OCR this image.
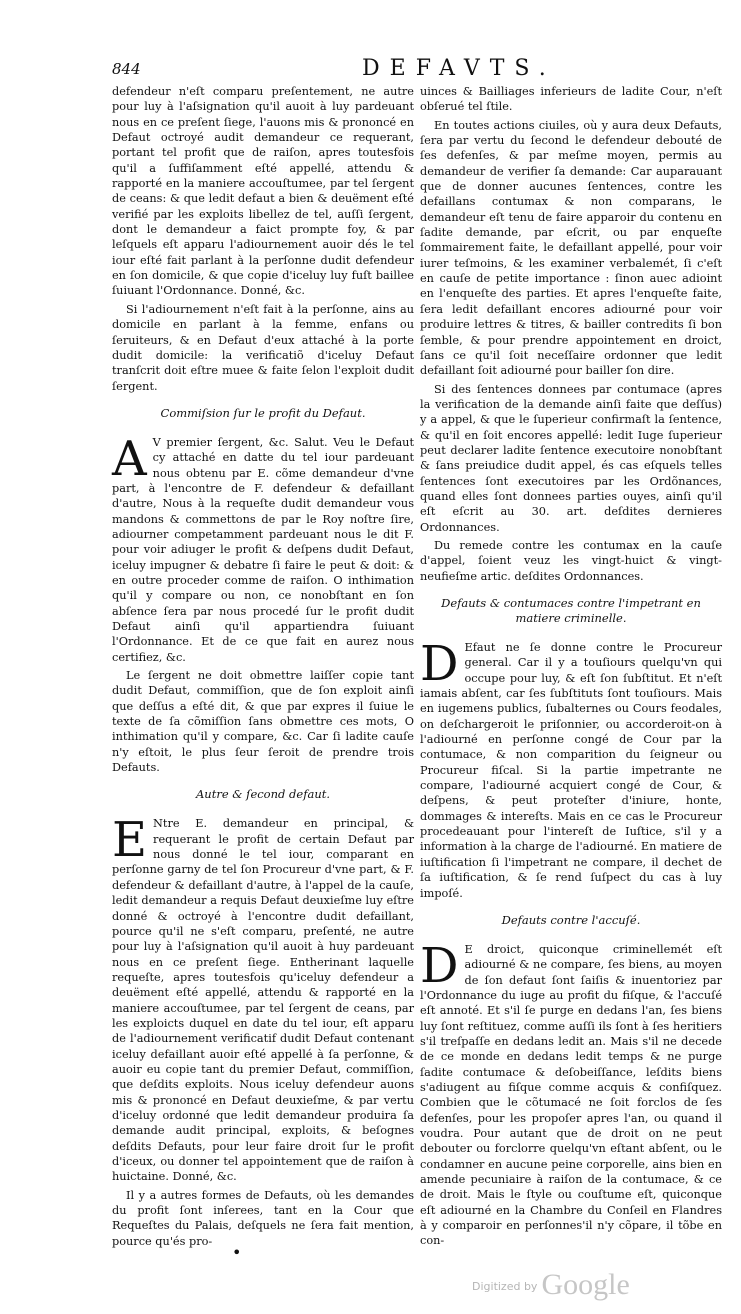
844	DEFAVTS.

defendeur n'eſt comparu preſentement, ne autre pour luy à l'aſsignation qu'il auoit à luy pardeuant nous en ce preſent ſiege, l'auons mis & prononcé en Defaut octroyé audit demandeur ce requerant, portant tel profit que de raiſon, apres toutesfois qu'il a ſuffiſamment eſté appellé, attendu & rapporté en la maniere accouſtumee, par tel ſergent de ceans: & que ledit defaut a bien & deuëment eſté verifié par les exploits libellez de tel, auſſi ſergent, dont le demandeur a faict prompte foy, & par leſquels eſt apparu l'adiournement auoir dés le tel iour eſté fait parlant à la perſonne dudit defendeur en ſon domicile, & que copie d'iceluy luy fuſt baillee ſuiuant l'Ordonnance. Donné, &c.

Si l'adiournement n'eſt fait à la perſonne, ains au domicile en parlant à la femme, enfans ou ſeruiteurs, & en Defaut d'eux attaché à la porte dudit domicile: la verificatiõ d'iceluy Defaut tranſcrit doit eſtre muee & faite ſelon l'exploit dudit ſergent.

Commiſsion ſur le profit du Defaut.

A V premier ſergent, &c. Salut. Veu le Defaut cy attaché en datte du tel iour pardeuant nous obtenu par E. cõme demandeur d'vne part, à l'encontre de F. defendeur & defaillant d'autre, Nous à la requeſte dudit demandeur vous mandons & commettons de par le Roy noſtre ſire, adiourner competamment pardeuant nous le dit F. pour voir adiuger le profit & deſpens dudit Defaut, iceluy impugner & debatre ſi faire le peut & doit: & en outre proceder comme de raiſon. O inthimation qu'il y compare ou non, ce nonobſtant en ſon abſence ſera par nous procedé ſur le profit dudit Defaut ainſi qu'il appartiendra ſuiuant l'Ordonnance. Et de ce que fait en aurez nous certifiez, &c.

Le ſergent ne doit obmettre laiſſer copie tant dudit Defaut, commiſſion, que de ſon exploit ainſi que deſſus a eſté dit, & que par expres il ſuiue le texte de ſa cõmiſſion ſans obmettre ces mots, O inthimation qu'il y compare, &c. Car ſi ladite cauſe n'y eſtoit, le plus ſeur ſeroit de prendre trois Defauts.

Autre & ſecond defaut.

E Ntre E. demandeur en principal, & requerant le profit de certain Defaut par nous donné le tel iour, comparant en perſonne garny de tel ſon Procureur d'vne part, & F. defendeur & defaillant d'autre, à l'appel de la cauſe, ledit demandeur a requis Defaut deuxieſme luy eſtre donné & octroyé à l'encontre dudit defaillant, pource qu'il ne s'eſt comparu, preſenté, ne autre pour luy à l'aſsignation qu'il auoit à huy pardeuant nous en ce preſent ſiege. Entherinant laquelle requeſte, apres toutesfois qu'iceluy defendeur a deuëment eſté appellé, attendu & rapporté en la maniere accouſtumee, par tel ſergent de ceans, par les exploicts duquel en date du tel iour, eſt apparu de l'adiournement verificatif dudit Defaut contenant iceluy defaillant auoir eſté appellé à ſa perſonne, & auoir eu copie tant du premier Defaut, commiſſion, que deſdits exploits. Nous iceluy defendeur auons mis & prononcé en Defaut deuxieſme, & par vertu d'iceluy ordonné que ledit demandeur produira ſa demande audit principal, exploits, & beſognes deſdits Defauts, pour leur faire droit ſur le profit d'iceux, ou donner tel appointement que de raiſon à huictaine. Donné, &c.

Il y a autres formes de Defauts, où les demandes du profit ſont inſerees, tant en la Cour que Requeſtes du Palais, deſquels ne ſera fait mention, pource qu'és pro-

uinces & Bailliages inferieurs de ladite Cour, n'eſt obſerué tel ſtile.

En toutes actions ciuiles, où y aura deux Defauts, ſera par vertu du ſecond le defendeur debouté de ſes defenſes, & par meſme moyen, permis au demandeur de verifier ſa demande: Car auparauant que de donner aucunes ſentences, contre les defaillans contumax & non comparans, le demandeur eſt tenu de faire apparoir du contenu en ſadite demande, par eſcrit, ou par enqueſte ſommairement faite, le defaillant appellé, pour voir iurer teſmoins, & les examiner verbalemét, ſi c'eſt en cauſe de petite importance : ſinon auec adioint en l'enqueſte des parties. Et apres l'enqueſte faite, ſera ledit defaillant encores adiourné pour voir produire lettres & titres, & bailler contredits ſi bon ſemble, & pour prendre appointement en droict, ſans ce qu'il ſoit neceſſaire ordonner que ledit defaillant ſoit adiourné pour bailler ſon dire.

Si des ſentences donnees par contumace (apres la verification de la demande ainſi faite que deſſus) y a appel, & que le ſuperieur confirmaſt la ſentence, & qu'il en ſoit encores appellé: ledit Iuge ſuperieur peut declarer ladite ſentence executoire nonobſtant & ſans preiudice dudit appel, és cas eſquels telles ſentences ſont executoires par les Ordõnances, quand elles ſont donnees parties ouyes, ainſi qu'il eſt eſcrit au 30. art. deſdites dernieres Ordonnances.

Du remede contre les contumax en la cauſe d'appel, ſoient veuz les vingt-huict & vingt-neufieſme artic. deſdites Ordonnances.

Defauts & contumaces contre l'impetrant en matiere criminelle.

D Efaut ne ſe donne contre le Procureur general. Car il y a touſiours quelqu'vn qui occupe pour luy, & eſt ſon ſubſtitut. Et n'eſt iamais abſent, car ſes ſubſtituts ſont touſiours. Mais en iugemens publics, ſubalternes ou Cours feodales, on deſchargeroit le priſonnier, ou accorderoit-on à l'adiourné en perſonne congé de Cour par la contumace, & non comparition du ſeigneur ou Procureur fiſcal. Si la partie impetrante ne compare, l'adiourné acquiert congé de Cour, & deſpens, & peut proteſter d'iniure, honte, dommages & intereſts. Mais en ce cas le Procureur procedeauant pour l'intereſt de Iuſtice, s'il y a information à la charge de l'adiourné. En matiere de iuſtification ſi l'impetrant ne compare, il dechet de ſa iuſtification, & ſe rend ſuſpect du cas à luy impoſé.

Defauts contre l'accuſé.

D E droict, quiconque criminellemét eſt adiourné & ne compare, ſes biens, au moyen de ſon defaut ſont ſaiſis & inuentoriez par l'Ordonnance du iuge au profit du fiſque, & l'accuſé eſt annoté. Et s'il ſe purge en dedans l'an, ſes biens luy ſont reſtituez, comme auſſi ils ſont à ſes heritiers s'il treſpaſſe en dedans ledit an. Mais s'il ne decede de ce monde en dedans ledit temps & ne purge ſadite contumace & deſobeiſſance, leſdits biens s'adiugent au fiſque comme acquis & confiſquez. Combien que le cõtumacé ne ſoit forclos de ſes defenſes, pour les propoſer apres l'an, ou quand il voudra. Pour autant que de droit on ne peut debouter ou forclorre quelqu'vn eſtant abſent, ou le condamner en aucune peine corporelle, ains bien en amende pecuniaire à raiſon de la contumace, & ce de droit. Mais le ſtyle ou couſtume eſt, quiconque eſt adiourné en la Chambre du Conſeil en Flandres à y comparoir en perſonnes'il n'y cõpare, il tõbe en con-

•
$^{Digitized by}$ Google
